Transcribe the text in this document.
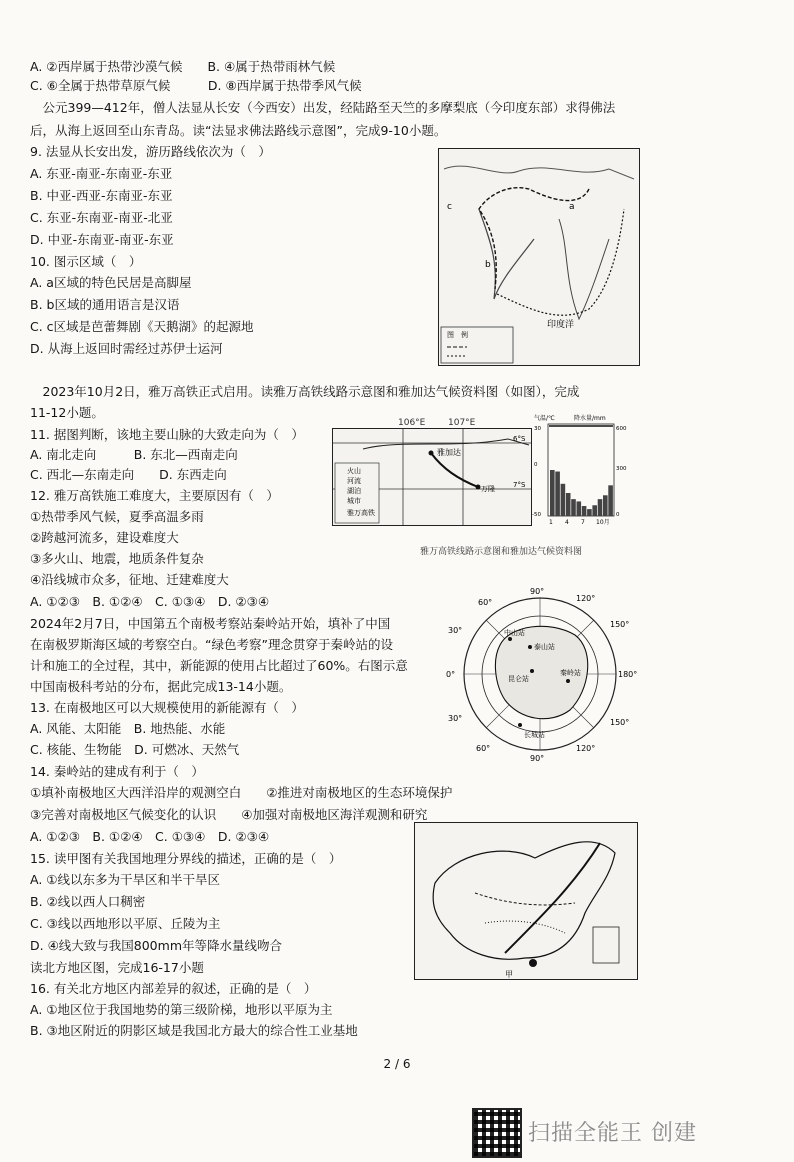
A. ②西岸属于热带沙漠气候　　B. ④属于热带雨林气候
C. ⑥全属于热带草原气候　　　D. ⑧西岸属于热带季风气候
　公元399—412年，僧人法显从长安（今西安）出发，经陆路至天竺的多摩梨底（今印度东部）求得佛法
后，从海上返回至山东青岛。读“法显求佛法路线示意图”，完成9-10小题。
9. 法显从长安出发，游历路线依次为（　）
A. 东亚-南亚-东南亚-东亚
B. 中亚-西亚-东南亚-东亚
C. 东亚-东南亚-南亚-北亚
D. 中亚-东南亚-南亚-东亚
10. 图示区域（　）
A. a区域的特色民居是高脚屋
B. b区域的通用语言是汉语
C. c区域是芭蕾舞剧《天鹅湖》的起源地
D. 从海上返回时需经过苏伊士运河
　2023年10月2日，雅万高铁正式启用。读雅万高铁线路示意图和雅加达气候资料图（如图），完成
11-12小题。
11. 据图判断，该地主要山脉的大致走向为（　）
A. 南北走向　　　B. 东北—西南走向
C. 西北—东南走向　　D. 东西走向
12. 雅万高铁施工难度大，主要原因有（　）
①热带季风气候，夏季高温多雨
②跨越河流多，建设难度大
③多火山、地震，地质条件复杂
④沿线城市众多，征地、迁建难度大
A. ①②③　B. ①②④　C. ①③④　D. ②③④
2024年2月7日，中国第五个南极考察站秦岭站开始，填补了中国
在南极罗斯海区域的考察空白。“绿色考察”理念贯穿于秦岭站的设
计和施工的全过程，其中，新能源的使用占比超过了60%。右图示意
中国南极科考站的分布，据此完成13-14小题。
13. 在南极地区可以大规模使用的新能源有（　）
A. 风能、太阳能　B. 地热能、水能
C. 核能、生物能　D. 可燃冰、天然气
14. 秦岭站的建成有利于（　）
①填补南极地区大西洋沿岸的观测空白　　②推进对南极地区的生态环境保护
③完善对南极地区气候变化的认识　　④加强对南极地区海洋观测和研究
A. ①②③　B. ①②④　C. ①③④　D. ②③④
15. 读甲图有关我国地理分界线的描述，正确的是（　）
A. ①线以东多为干旱区和半干旱区
B. ②线以西人口稠密
C. ③线以西地形以平原、丘陵为主
D. ④线大致与我国800mm年等降水量线吻合
读北方地区图，完成16-17小题
16. 有关北方地区内部差异的叙述，正确的是（　）
A. ①地区位于我国地势的第三级阶梯，地形以平原为主
B. ③地区附近的阴影区域是我国北方最大的综合性工业基地
c
b
a
印度洋
图　例
雅加达
万隆
6°S
7°S
火山
河流
湖泊
城市
雅万高铁
106°E	107°E	气温/℃	降水量/mm
1 4 7 10月
30
0
-50
600
300
0
雅万高铁线路示意图和雅加达气候资料图
中山站
泰山站
昆仑站
秦岭站
长城站
90°
120°
60°
150°
30°
180°
0°
30°	150°
60°	120°
90°
甲
2 / 6
扫描全能王 创建
